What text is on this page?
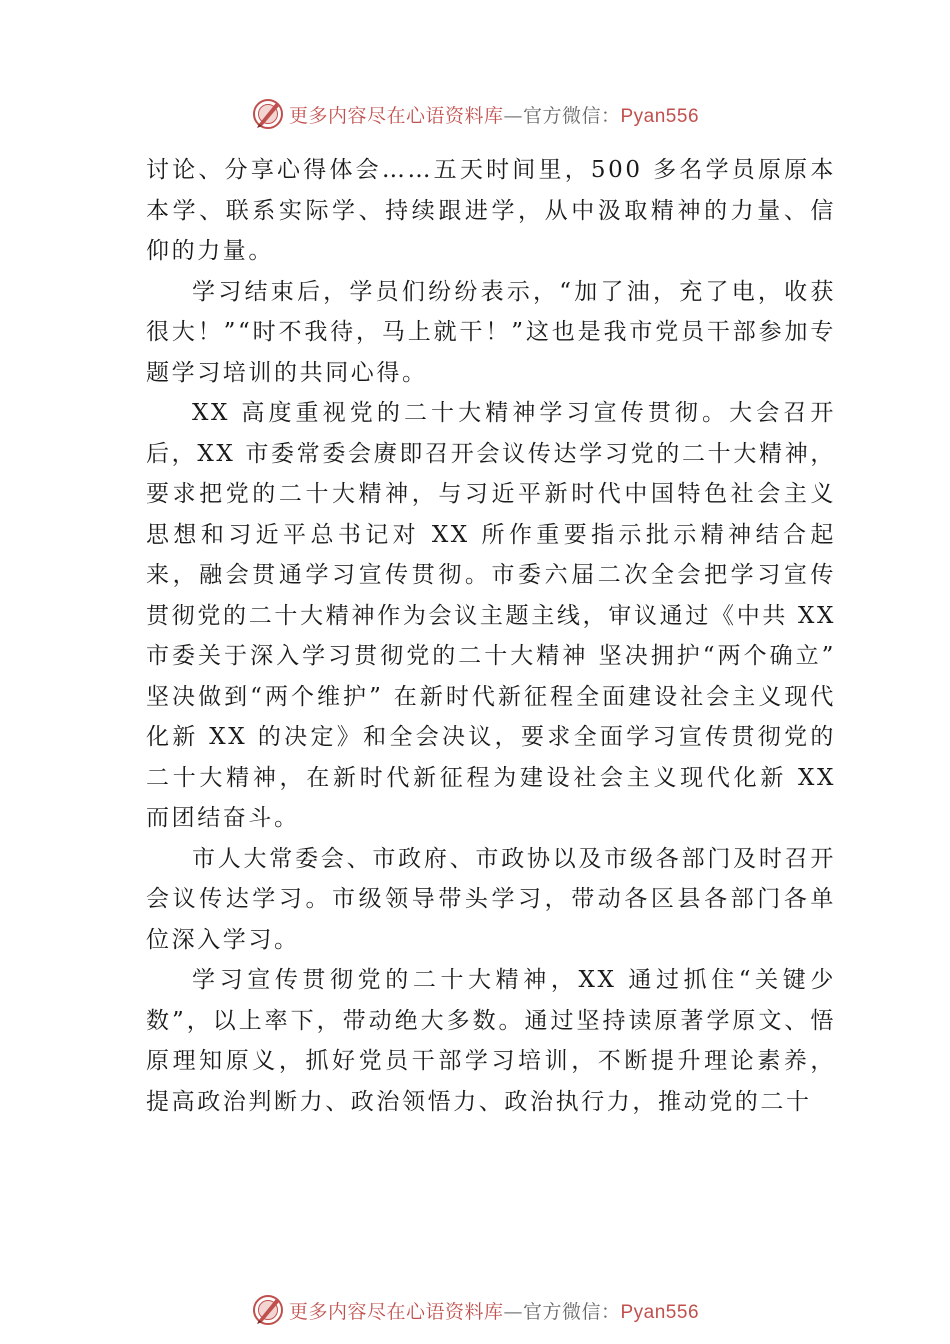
更多内容尽在心语资料库—官方微信：Pyan556

讨论、分享心得体会……五天时间里，500 多名学员原原本本学、联系实际学、持续跟进学，从中汲取精神的力量、信仰的力量。

学习结束后，学员们纷纷表示，“加了油，充了电，收获很大！”“时不我待，马上就干！”这也是我市党员干部参加专题学习培训的共同心得。

XX 高度重视党的二十大精神学习宣传贯彻。大会召开后，XX 市委常委会赓即召开会议传达学习党的二十大精神，要求把党的二十大精神，与习近平新时代中国特色社会主义思想和习近平总书记对 XX 所作重要指示批示精神结合起来，融会贯通学习宣传贯彻。市委六届二次全会把学习宣传贯彻党的二十大精神作为会议主题主线，审议通过《中共 XX 市委关于深入学习贯彻党的二十大精神 坚决拥护“两个确立” 坚决做到“两个维护” 在新时代新征程全面建设社会主义现代化新 XX 的决定》和全会决议，要求全面学习宣传贯彻党的二十大精神，在新时代新征程为建设社会主义现代化新 XX 而团结奋斗。

市人大常委会、市政府、市政协以及市级各部门及时召开会议传达学习。市级领导带头学习，带动各区县各部门各单位深入学习。

学习宣传贯彻党的二十大精神，XX 通过抓住“关键少数”，以上率下，带动绝大多数。通过坚持读原著学原文、悟原理知原义，抓好党员干部学习培训，不断提升理论素养， 提高政治判断力、政治领悟力、政治执行力，推动党的二十

更多内容尽在心语资料库—官方微信：Pyan556
